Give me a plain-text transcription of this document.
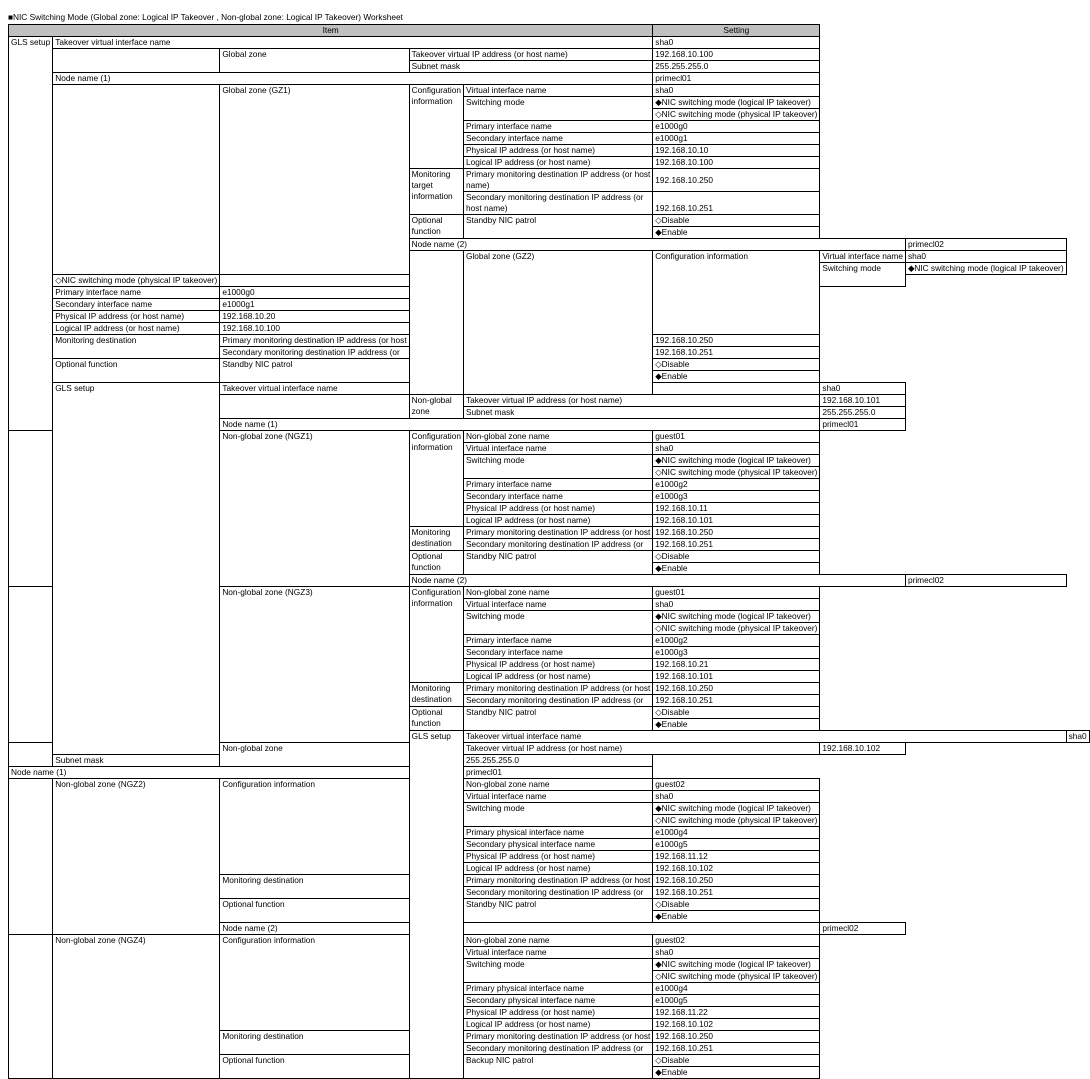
■NIC Switching Mode (Global zone: Logical IP Takeover , Non-global zone: Logical IP Takeover) Worksheet
Item					Setting			
GLS setup	Takeover virtual interface name				sha0			
		Global zone	Takeover virtual IP address (or host name)		192.168.10.100			
			Subnet mask		255.255.255.0			
	Node name (1)				primecl01			
		Global zone (GZ1)	Configuration information	Virtual interface name	sha0			
				Switching mode	◆NIC switching mode (logical IP takeover)			
					◇NIC switching mode (physical IP takeover)			
				Primary interface name	e1000g0			
				Secondary interface name	e1000g1			
				Physical IP address (or host name)	192.168.10.10			
				Logical IP address (or host name)	192.168.10.100			
			Monitoring target information	Primary monitoring destination IP address (or host name)	192.168.10.250			

				Secondary monitoring destination IP address (or host name)	192.168.10.251			

			Optional function	Standby NIC patrol	◇Disable			
					◆Enable			
			Node name (2)				primecl02	
				Global zone (GZ2)	Configuration information	Virtual interface name	sha0	
						Switching mode	◆NIC switching mode (logical IP takeover)	
	◇NIC switching mode (physical IP takeover)							
	Primary interface name	e1000g0						
	Secondary interface name	e1000g1						
	Physical IP address (or host name)	192.168.10.20						
	Logical IP address (or host name)	192.168.10.100						
	Monitoring destination	Primary monitoring destination IP address (or host			192.168.10.250			
		Secondary monitoring destination IP address (or			192.168.10.251			
	Optional function	Standby NIC patrol			◇Disable			
					◆Enable			
	GLS setup	Takeover virtual interface name				sha0		
			Non-global zone	Takeover virtual IP address (or host name)		192.168.10.101		
				Subnet mask		255.255.255.0		
		Node name (1)				primecl01		
		Non-global zone (NGZ1)	Configuration information	Non-global zone name	guest01			
				Virtual interface name	sha0			
				Switching mode	◆NIC switching mode (logical IP takeover)			
					◇NIC switching mode (physical IP takeover)			
				Primary interface name	e1000g2			
				Secondary interface name	e1000g3			
				Physical IP address (or host name)	192.168.10.11			
				Logical IP address (or host name)	192.168.10.101			
			Monitoring destination	Primary monitoring destination IP address (or host	192.168.10.250			
				Secondary monitoring destination IP address (or	192.168.10.251			
			Optional function	Standby NIC patrol	◇Disable			
					◆Enable			
			Node name (2)				primecl02	
		Non-global zone (NGZ3)	Configuration information	Non-global zone name	guest01			
				Virtual interface name	sha0			
				Switching mode	◆NIC switching mode (logical IP takeover)			
					◇NIC switching mode (physical IP takeover)			
				Primary interface name	e1000g2			
				Secondary interface name	e1000g3			
				Physical IP address (or host name)	192.168.10.21			
				Logical IP address (or host name)	192.168.10.101			
			Monitoring destination	Primary monitoring destination IP address (or host	192.168.10.250			
				Secondary monitoring destination IP address (or	192.168.10.251			
			Optional function	Standby NIC patrol	◇Disable			
					◆Enable			
			GLS setup	Takeover virtual interface name				sha0
		Non-global zone		Takeover virtual IP address (or host name)		192.168.10.102		
	Subnet mask			255.255.255.0				
Node name (1)				primecl01				
	Non-global zone (NGZ2)	Configuration information		Non-global zone name	guest02			
				Virtual interface name	sha0			
				Switching mode	◆NIC switching mode (logical IP takeover)			
					◇NIC switching mode (physical IP takeover)			
				Primary physical interface name	e1000g4			
				Secondary physical interface name	e1000g5			
				Physical IP address (or host name)	192.168.11.12			
				Logical IP address (or host name)	192.168.10.102			
		Monitoring destination		Primary monitoring destination IP address (or host	192.168.10.250			
				Secondary monitoring destination IP address (or	192.168.10.251			
		Optional function		Standby NIC patrol	◇Disable			
					◆Enable			
		Node name (2)				primecl02		
	Non-global zone (NGZ4)	Configuration information		Non-global zone name	guest02			
				Virtual interface name	sha0			
				Switching mode	◆NIC switching mode (logical IP takeover)			
					◇NIC switching mode (physical IP takeover)			
				Primary physical interface name	e1000g4			
				Secondary physical interface name	e1000g5			
				Physical IP address (or host name)	192.168.11.22			
				Logical IP address (or host name)	192.168.10.102			
		Monitoring destination		Primary monitoring destination IP address (or host	192.168.10.250			
				Secondary monitoring destination IP address (or	192.168.10.251			
		Optional function		Backup NIC patrol	◇Disable			
					◆Enable			
